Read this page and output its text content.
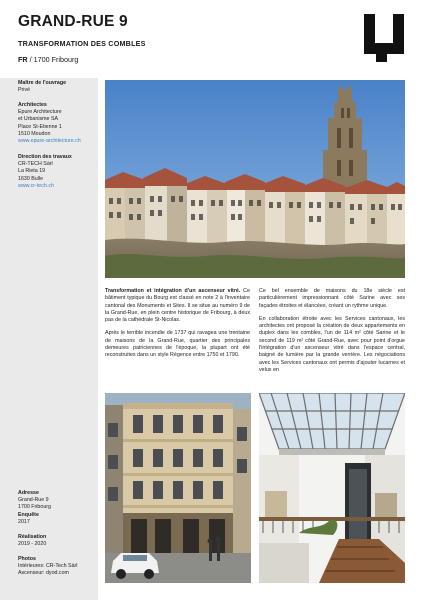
GRAND-RUE 9
TRANSFORMATION DES COMBLES
FR / 1700 Fribourg
Maître de l'ouvrage
Privé
Architectes
Epure Architecture
et Urbanisme SA
Place St-Etienne 1
1510 Moudon
www.epure-architecture.ch
Direction des travaux
CR-TECH Sàrl
La Rieta 19
1630 Bulle
www.cr-tech.ch
Adresse
Grand-Rue 9
1700 Fribourg
Enquête
2017
Réalisation
2019 - 2020
Photos
Intérieures: CR-Tech Sàrl
Ascenseur: dyod.com

Transformation et intégration d'un ascenseur vitré. Ce bâtiment typique du Bourg est classé en note 2 à l'inventaire cantonal des Monuments et Sites. Il se situe au numéro 9 de la Grand-Rue, en plein centre historique de Fribourg, à deux pas de la cathédrale St-Nicolas.

Après le terrible incendie de 1737 qui ravagea une trentaine de maisons de la Grand-Rue, quartier des principales demeures patriciennes de l'époque, la plupart ont été reconstruites dans un style Régence entre 1750 et 1790.

Ce bel ensemble de maisons du 18e siècle est particulièrement impressionnant côté Sarine avec ses façades étroites et élancées, créant un rythme unique.

En collaboration étroite avec les Services cantonaux, les architectes ont proposé la création de deux appartements en duplex dans les combles, l'un de 114 m² côté Sarine et le second de 119 m² côté Grand-Rue, avec pour point d'orgue l'intégration d'un ascenseur vitré dans l'espace central, baigné de lumière par la grande verrière. Les négociations avec les Services cantonaux ont permis d'ajouter lucarnes et velux en
